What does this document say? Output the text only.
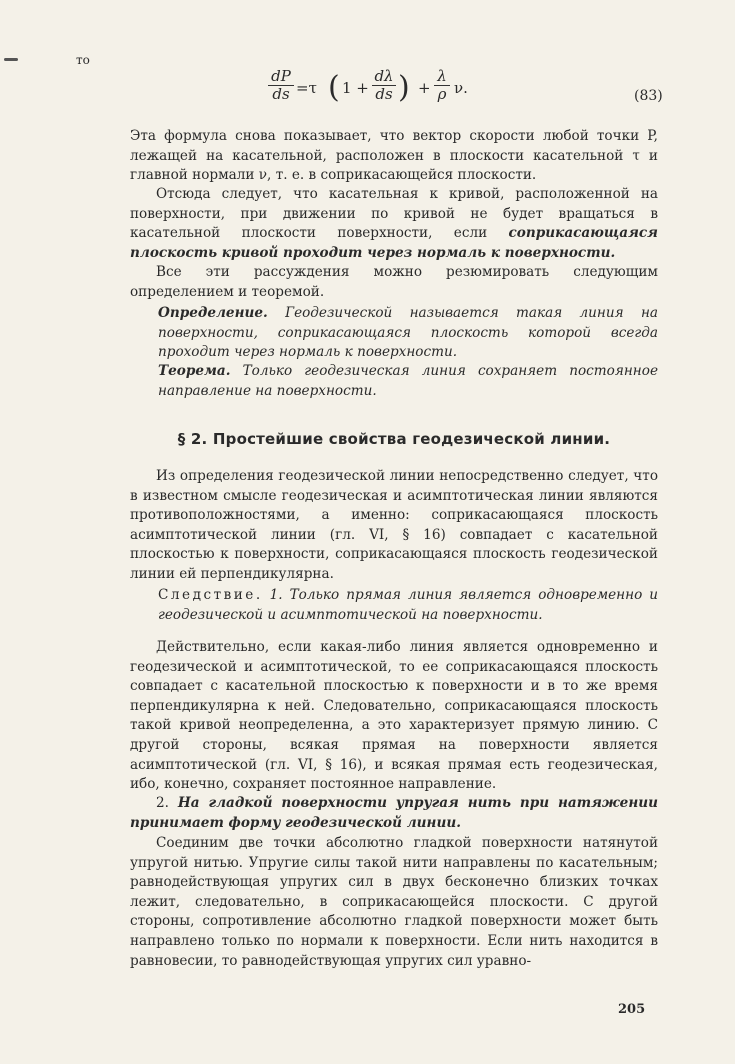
то
$\frac{dP}{ds} =\tau$ ( $1 + \frac{d\lambda}{ds}$ ) + $\frac{\lambda}{\rho} \nu$.	(83)
Эта формула снова показывает, что вектор скорости любой точки P, лежащей на касательной, расположен в плоскости касательной τ и главной нормали ν, т. е. в соприкасающейся плоскости.
Отсюда следует, что касательная к кривой, расположенной на поверхности, при движении по кривой не будет вращаться в касательной плоскости поверхности, если соприкасающаяся плоскость кривой проходит через нормаль к поверхности.
Все эти рассуждения можно резюмировать следующим определением и теоремой.
Определение. Геодезической называется такая линия на поверхности, соприкасающаяся плоскость которой всегда проходит через нормаль к поверхности.
Теорема. Только геодезическая линия сохраняет постоянное направление на поверхности.
§ 2. Простейшие свойства геодезической линии.
Из определения геодезической линии непосредственно следует, что в известном смысле геодезическая и асимптотическая линии являются противоположностями, а именно: соприкасающаяся плоскость асимптотической линии (гл. VI, § 16) совпадает с касательной плоскостью к поверхности, соприкасающаяся плоскость геодезической линии ей перпендикулярна.
Следствие. 1. Только прямая линия является одновременно и геодезической и асимптотической на поверхности.
Действительно, если какая-либо линия является одновременно и геодезической и асимптотической, то ее соприкасающаяся плоскость совпадает с касательной плоскостью к поверхности и в то же время перпендикулярна к ней. Следовательно, соприкасающаяся плоскость такой кривой неопределенна, а это характеризует прямую линию. С другой стороны, всякая прямая на поверхности является асимптотической (гл. VI, § 16), и всякая прямая есть геодезическая, ибо, конечно, сохраняет постоянное направление.
2. На гладкой поверхности упругая нить при натяжении принимает форму геодезической линии.
Соединим две точки абсолютно гладкой поверхности натянутой упругой нитью. Упругие силы такой нити направлены по касательным; равнодействующая упругих сил в двух бесконечно близких точках лежит, следовательно, в соприкасающейся плоскости. С другой стороны, сопротивление абсолютно гладкой поверхности может быть направлено только по нормали к поверхности. Если нить находится в равновесии, то равнодействующая упругих сил уравно-
205
